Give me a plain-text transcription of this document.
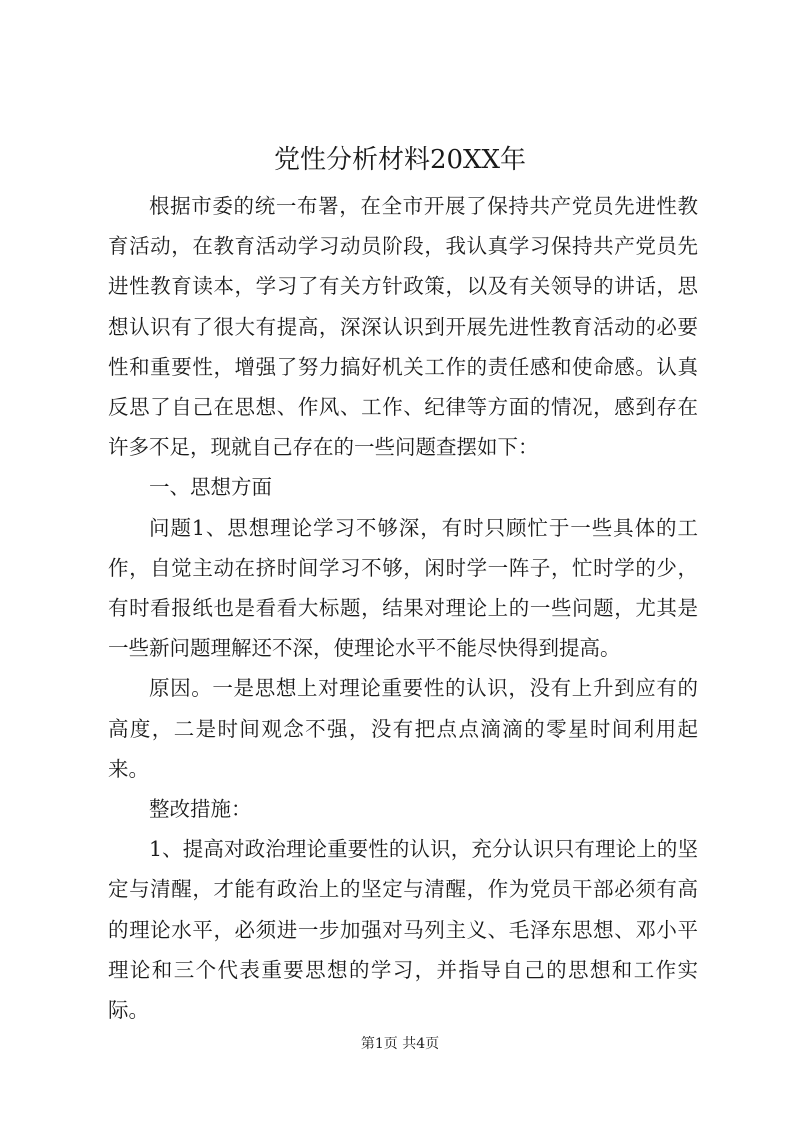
党性分析材料20XX年

根据市委的统一布署，在全市开展了保持共产党员先进性教育活动，在教育活动学习动员阶段，我认真学习保持共产党员先进性教育读本，学习了有关方针政策，以及有关领导的讲话，思想认识有了很大有提高，深深认识到开展先进性教育活动的必要性和重要性，增强了努力搞好机关工作的责任感和使命感。认真反思了自己在思想、作风、工作、纪律等方面的情况，感到存在许多不足，现就自己存在的一些问题查摆如下：

一、思想方面

问题1、思想理论学习不够深，有时只顾忙于一些具体的工作，自觉主动在挤时间学习不够，闲时学一阵子，忙时学的少，有时看报纸也是看看大标题，结果对理论上的一些问题，尤其是一些新问题理解还不深，使理论水平不能尽快得到提高。

原因。一是思想上对理论重要性的认识，没有上升到应有的高度，二是时间观念不强，没有把点点滴滴的零星时间利用起来。

整改措施：

1、提高对政治理论重要性的认识，充分认识只有理论上的坚定与清醒，才能有政治上的坚定与清醒，作为党员干部必须有高的理论水平，必须进一步加强对马列主义、毛泽东思想、邓小平理论和三个代表重要思想的学习，并指导自己的思想和工作实际。

第1页 共4页
